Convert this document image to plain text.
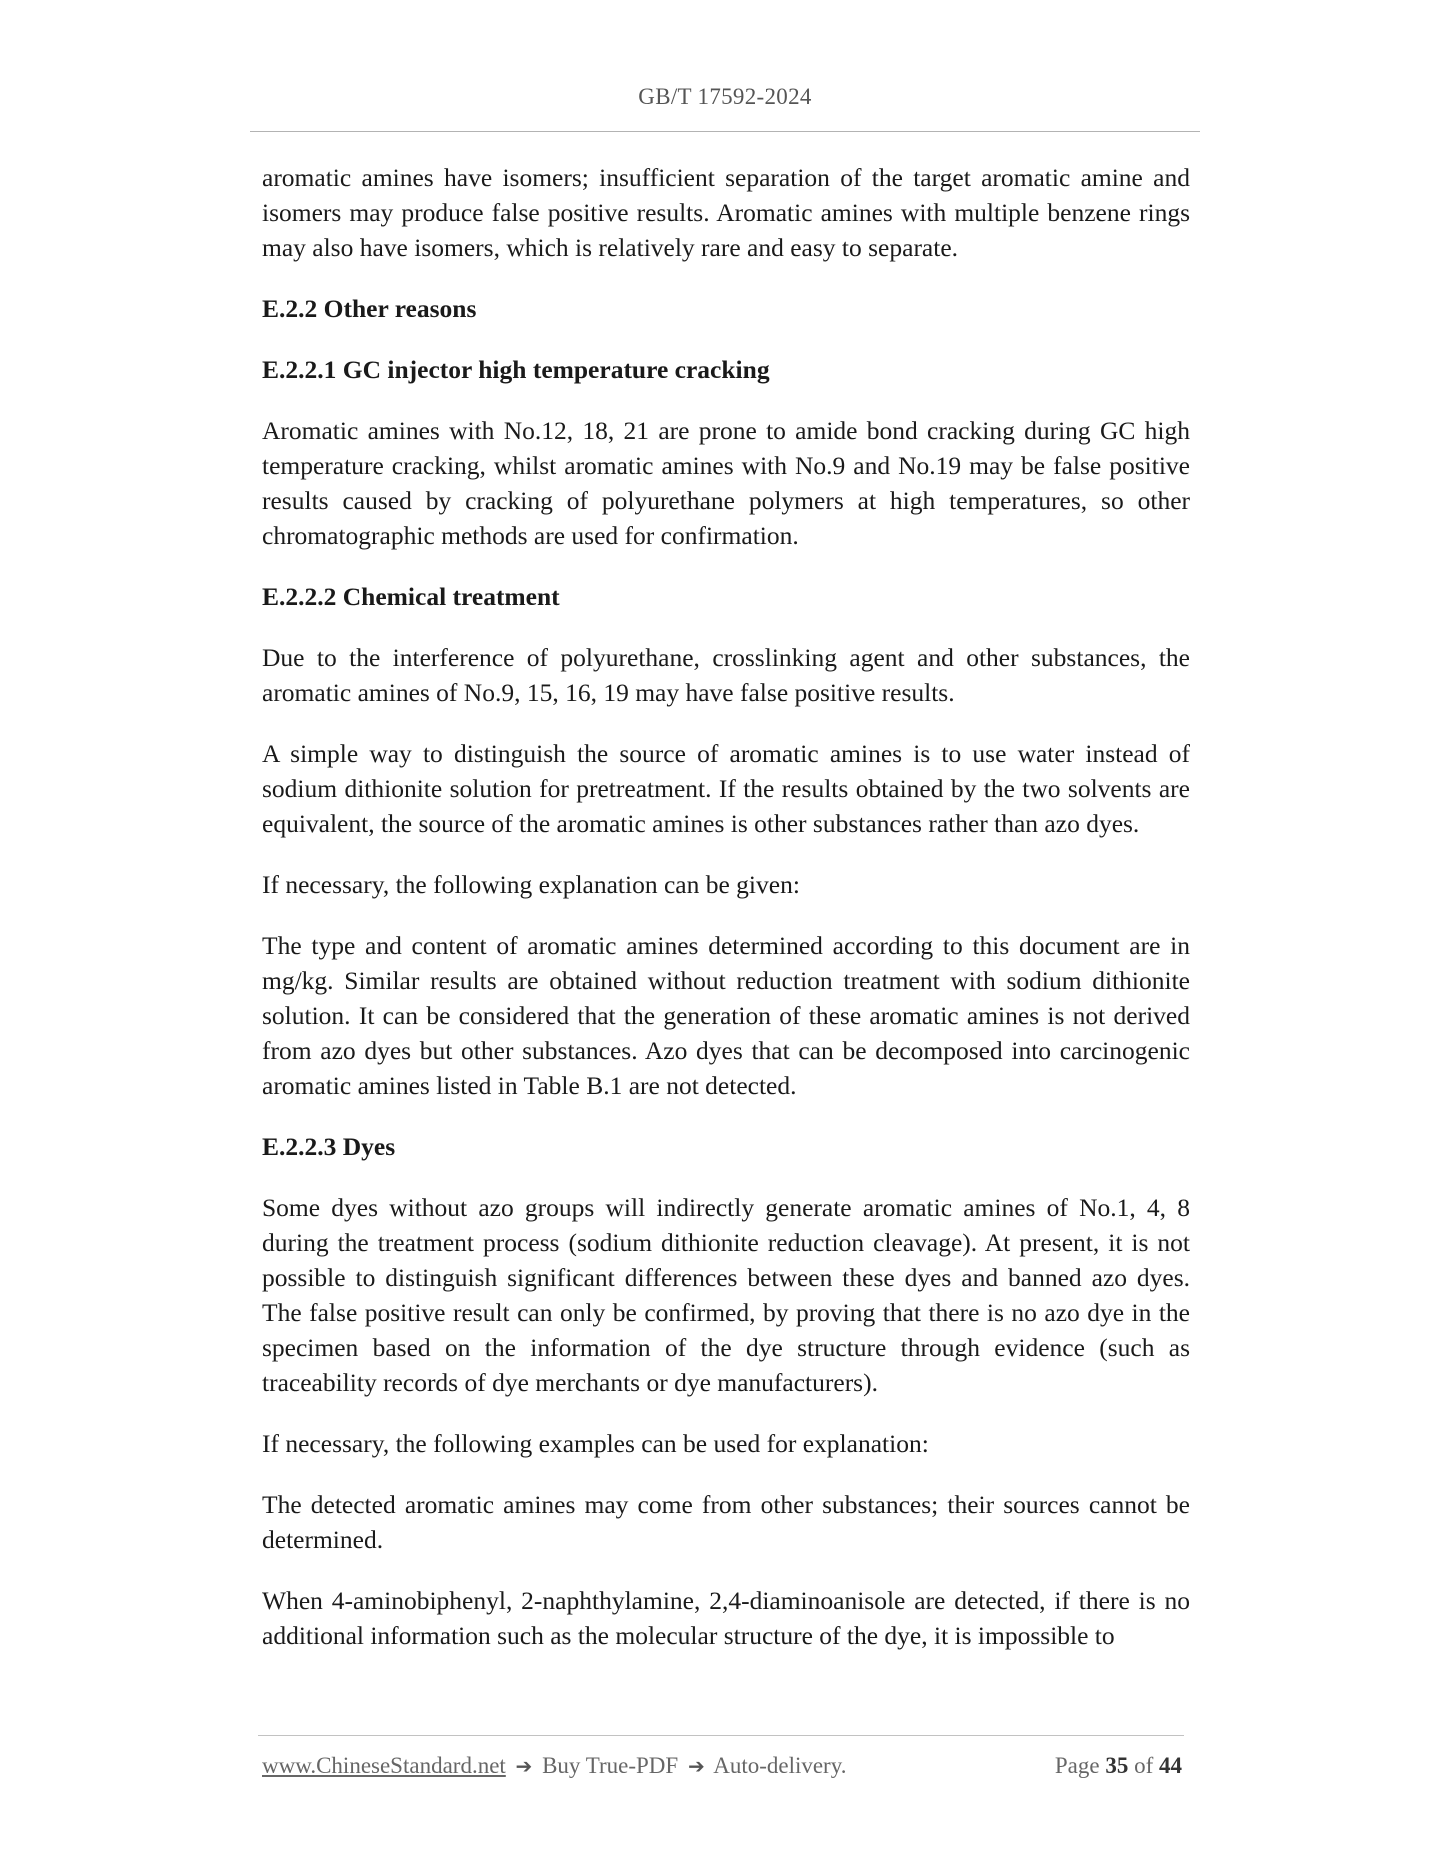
GB/T 17592-2024

aromatic amines have isomers; insufficient separation of the target aromatic amine and isomers may produce false positive results. Aromatic amines with multiple benzene rings may also have isomers, which is relatively rare and easy to separate.

E.2.2 Other reasons

E.2.2.1 GC injector high temperature cracking

Aromatic amines with No.12, 18, 21 are prone to amide bond cracking during GC high temperature cracking, whilst aromatic amines with No.9 and No.19 may be false positive results caused by cracking of polyurethane polymers at high temperatures, so other chromatographic methods are used for confirmation.

E.2.2.2 Chemical treatment

Due to the interference of polyurethane, crosslinking agent and other substances, the aromatic amines of No.9, 15, 16, 19 may have false positive results.

A simple way to distinguish the source of aromatic amines is to use water instead of sodium dithionite solution for pretreatment. If the results obtained by the two solvents are equivalent, the source of the aromatic amines is other substances rather than azo dyes.

If necessary, the following explanation can be given:

The type and content of aromatic amines determined according to this document are in mg/kg. Similar results are obtained without reduction treatment with sodium dithionite solution. It can be considered that the generation of these aromatic amines is not derived from azo dyes but other substances. Azo dyes that can be decomposed into carcinogenic aromatic amines listed in Table B.1 are not detected.

E.2.2.3 Dyes

Some dyes without azo groups will indirectly generate aromatic amines of No.1, 4, 8 during the treatment process (sodium dithionite reduction cleavage). At present, it is not possible to distinguish significant differences between these dyes and banned azo dyes. The false positive result can only be confirmed, by proving that there is no azo dye in the specimen based on the information of the dye structure through evidence (such as traceability records of dye merchants or dye manufacturers).

If necessary, the following examples can be used for explanation:

The detected aromatic amines may come from other substances; their sources cannot be determined.

When 4-aminobiphenyl, 2-naphthylamine, 2,4-diaminoanisole are detected, if there is no additional information such as the molecular structure of the dye, it is impossible to

www.ChineseStandard.net ➔ Buy True-PDF ➔ Auto-delivery.	Page 35 of 44
